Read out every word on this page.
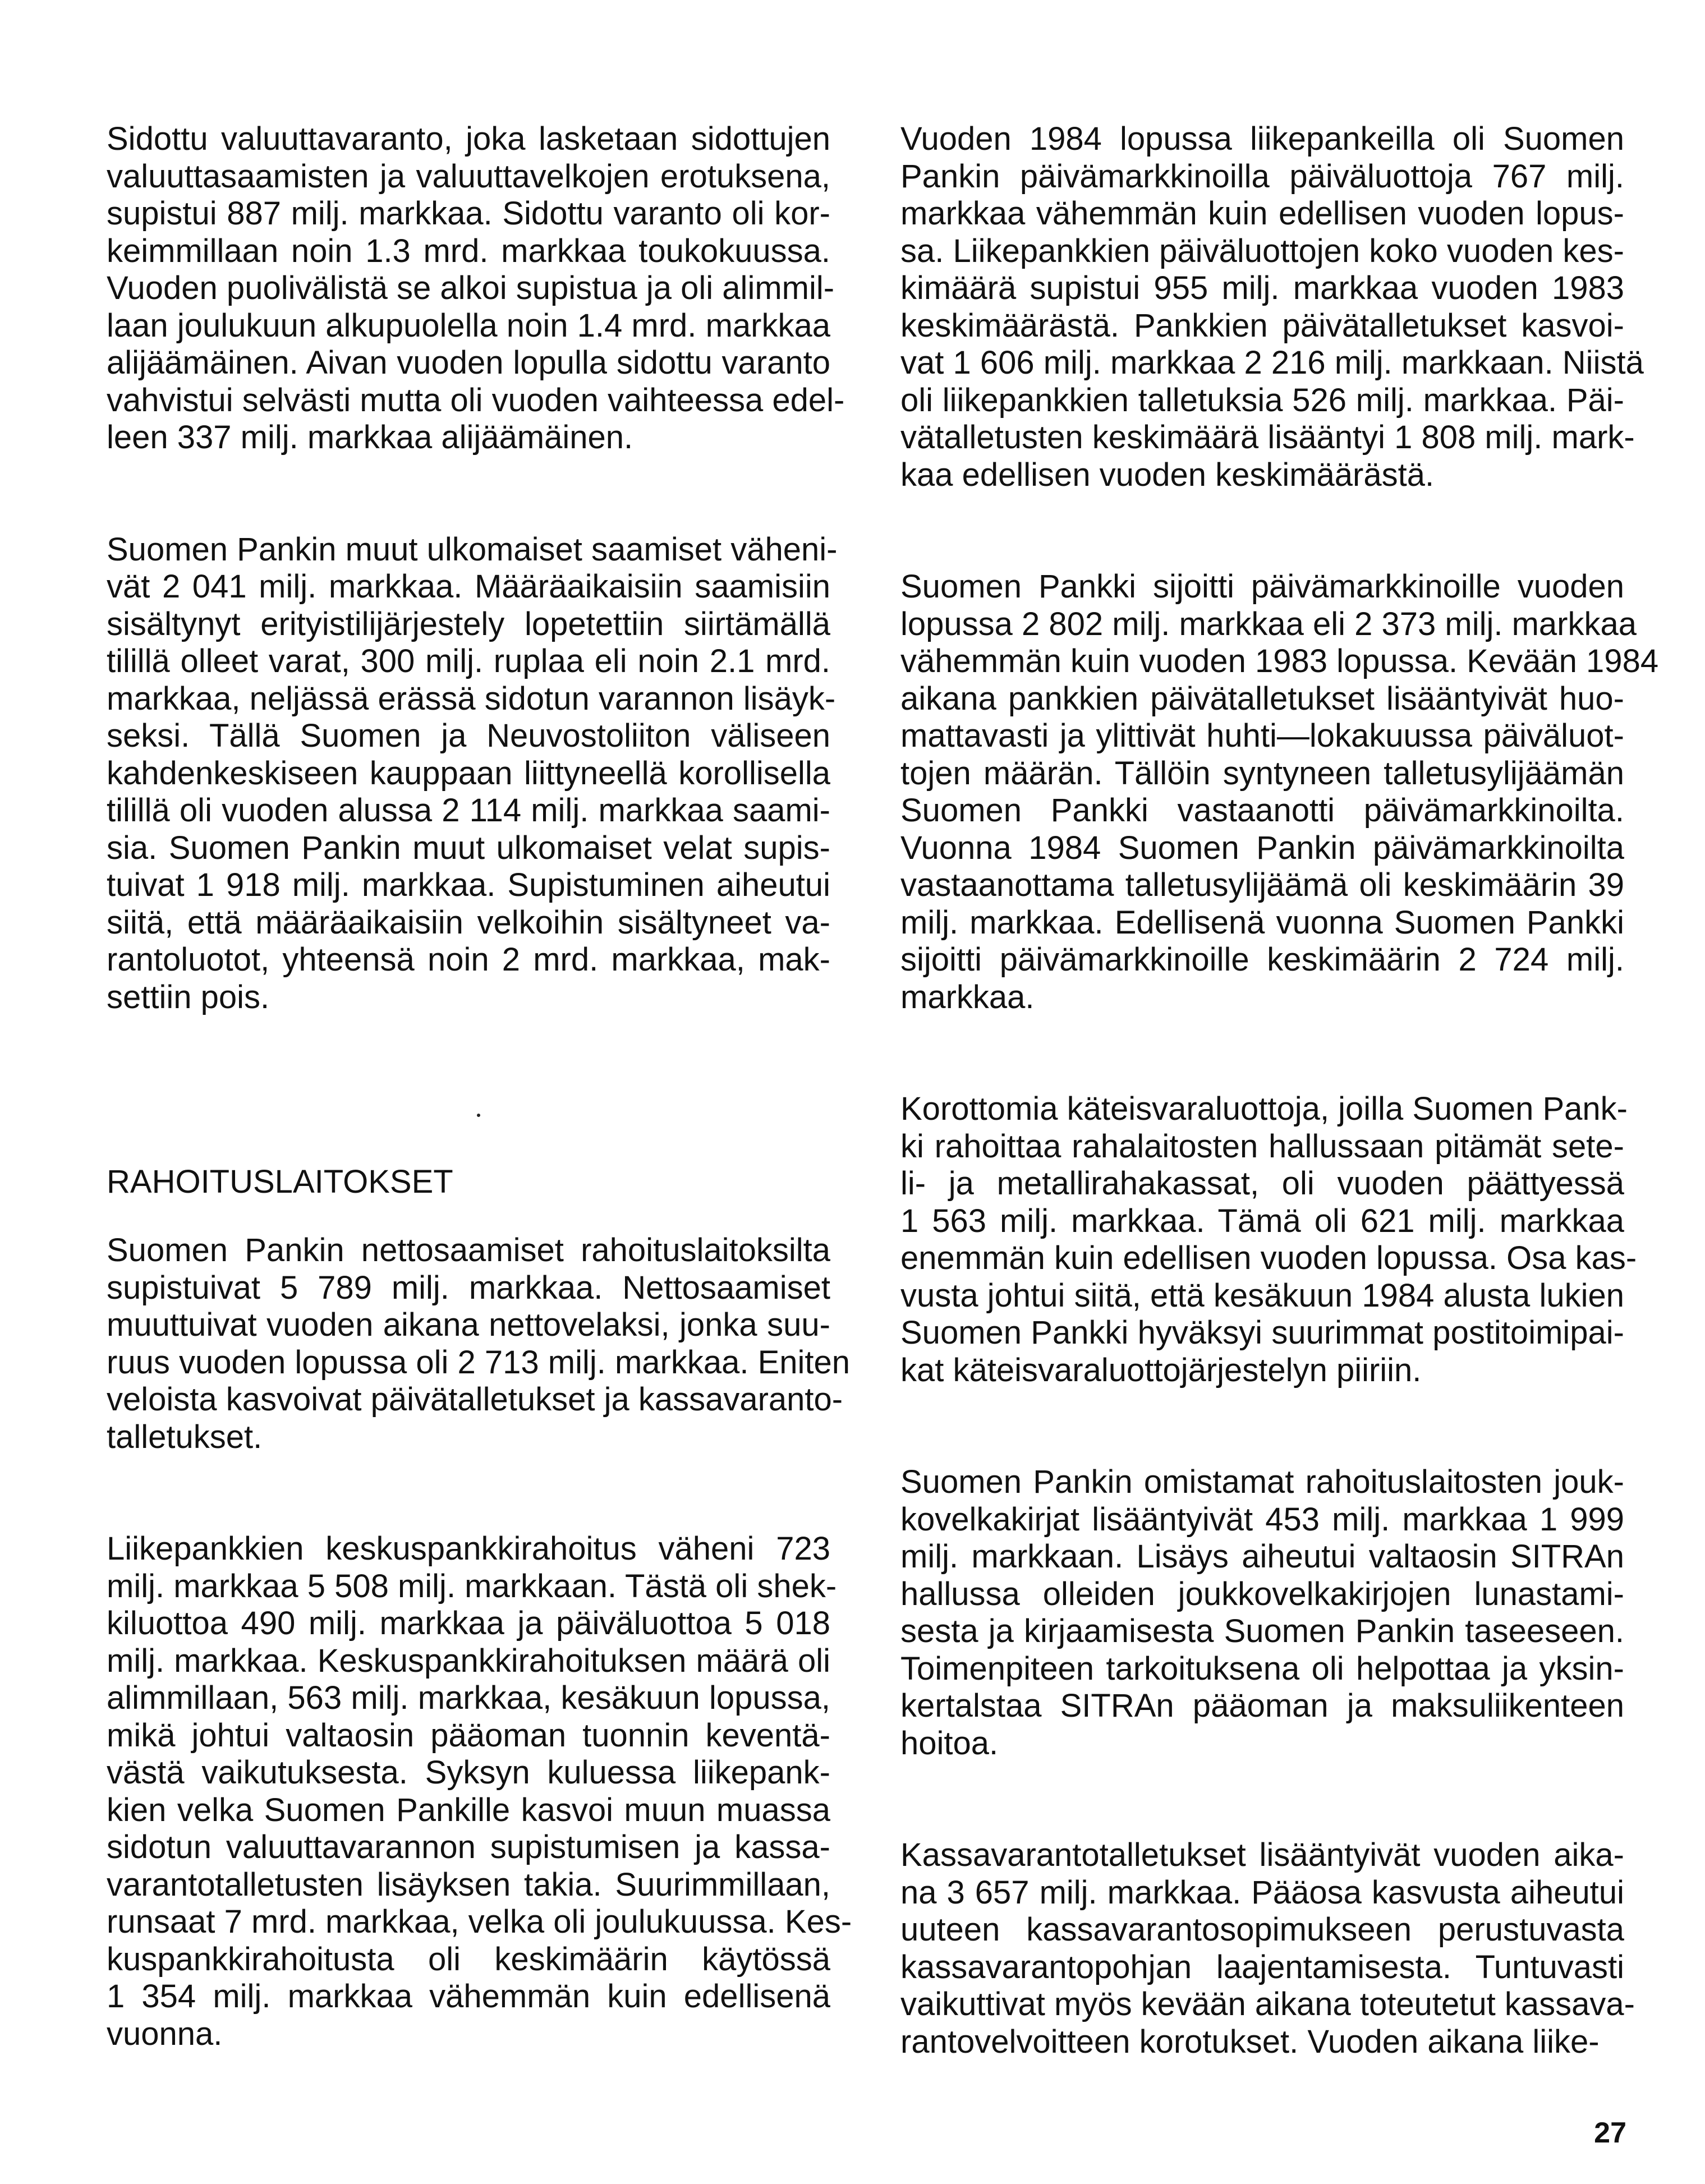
Sidottu valuuttavaranto, joka lasketaan sidottujen
valuuttasaamisten ja valuuttavelkojen erotuksena,
supistui 887 milj. markkaa. Sidottu varanto oli kor-
keimmillaan noin 1.3 mrd. markkaa toukokuussa.
Vuoden puolivälistä se alkoi supistua ja oli alimmil-
laan joulukuun alkupuolella noin 1.4 mrd. markkaa
alijäämäinen. Aivan vuoden lopulla sidottu varanto
vahvistui selvästi mutta oli vuoden vaihteessa edel-
leen 337 milj. markkaa alijäämäinen.
Suomen Pankin muut ulkomaiset saamiset väheni-
vät 2 041 milj. markkaa. Määräaikaisiin saamisiin
sisältynyt erityistilijärjestely lopetettiin siirtämällä
tilillä olleet varat, 300 milj. ruplaa eli noin 2.1 mrd.
markkaa, neljässä erässä sidotun varannon lisäyk-
seksi. Tällä Suomen ja Neuvostoliiton väliseen
kahdenkeskiseen kauppaan liittyneellä korollisella
tilillä oli vuoden alussa 2 114 milj. markkaa saami-
sia. Suomen Pankin muut ulkomaiset velat supis-
tuivat 1 918 milj. markkaa. Supistuminen aiheutui
siitä, että määräaikaisiin velkoihin sisältyneet va-
rantoluotot, yhteensä noin 2 mrd. markkaa, mak-
settiin pois.
RAHOITUSLAITOKSET
Suomen Pankin nettosaamiset rahoituslaitoksilta
supistuivat 5 789 milj. markkaa. Nettosaamiset
muuttuivat vuoden aikana nettovelaksi, jonka suu-
ruus vuoden lopussa oli 2 713 milj. markkaa. Eniten
veloista kasvoivat päivätalletukset ja kassavaranto-
talletukset.
Liikepankkien keskuspankkirahoitus väheni 723
milj. markkaa 5 508 milj. markkaan. Tästä oli shek-
kiluottoa 490 milj. markkaa ja päiväluottoa 5 018
milj. markkaa. Keskuspankkirahoituksen määrä oli
alimmillaan, 563 milj. markkaa, kesäkuun lopussa,
mikä johtui valtaosin pääoman tuonnin keventä-
västä vaikutuksesta. Syksyn kuluessa liikepank-
kien velka Suomen Pankille kasvoi muun muassa
sidotun valuuttavarannon supistumisen ja kassa-
varantotalletusten lisäyksen takia. Suurimmillaan,
runsaat 7 mrd. markkaa, velka oli joulukuussa. Kes-
kuspankkirahoitusta oli keskimäärin käytössä
1 354 milj. markkaa vähemmän kuin edellisenä
vuonna.
Vuoden 1984 lopussa liikepankeilla oli Suomen
Pankin päivämarkkinoilla päiväluottoja 767 milj.
markkaa vähemmän kuin edellisen vuoden lopus-
sa. Liikepankkien päiväluottojen koko vuoden kes-
kimäärä supistui 955 milj. markkaa vuoden 1983
keskimäärästä. Pankkien päivätalletukset kasvoi-
vat 1 606 milj. markkaa 2 216 milj. markkaan. Niistä
oli liikepankkien talletuksia 526 milj. markkaa. Päi-
vätalletusten keskimäärä lisääntyi 1 808 milj. mark-
kaa edellisen vuoden keskimäärästä.
Suomen Pankki sijoitti päivämarkkinoille vuoden
lopussa 2 802 milj. markkaa eli 2 373 milj. markkaa
vähemmän kuin vuoden 1983 lopussa. Kevään 1984
aikana pankkien päivätalletukset lisääntyivät huo-
mattavasti ja ylittivät huhti—lokakuussa päiväluot-
tojen määrän. Tällöin syntyneen talletusylijäämän
Suomen Pankki vastaanotti päivämarkkinoilta.
Vuonna 1984 Suomen Pankin päivämarkkinoilta
vastaanottama talletusylijäämä oli keskimäärin 39
milj. markkaa. Edellisenä vuonna Suomen Pankki
sijoitti päivämarkkinoille keskimäärin 2 724 milj.
markkaa.
Korottomia käteisvaraluottoja, joilla Suomen Pank-
ki rahoittaa rahalaitosten hallussaan pitämät sete-
li- ja metallirahakassat, oli vuoden päättyessä
1 563 milj. markkaa. Tämä oli 621 milj. markkaa
enemmän kuin edellisen vuoden lopussa. Osa kas-
vusta johtui siitä, että kesäkuun 1984 alusta lukien
Suomen Pankki hyväksyi suurimmat postitoimipai-
kat käteisvaraluottojärjestelyn piiriin.
Suomen Pankin omistamat rahoituslaitosten jouk-
kovelkakirjat lisääntyivät 453 milj. markkaa 1 999
milj. markkaan. Lisäys aiheutui valtaosin SITRAn
hallussa olleiden joukkovelkakirjojen lunastami-
sesta ja kirjaamisesta Suomen Pankin taseeseen.
Toimenpiteen tarkoituksena oli helpottaa ja yksin-
kertalstaa SITRAn pääoman ja maksuliikenteen
hoitoa.
Kassavarantotalletukset lisääntyivät vuoden aika-
na 3 657 milj. markkaa. Pääosa kasvusta aiheutui
uuteen kassavarantosopimukseen perustuvasta
kassavarantopohjan laajentamisesta. Tuntuvasti
vaikuttivat myös kevään aikana toteutetut kassava-
rantovelvoitteen korotukset. Vuoden aikana liike-
27
